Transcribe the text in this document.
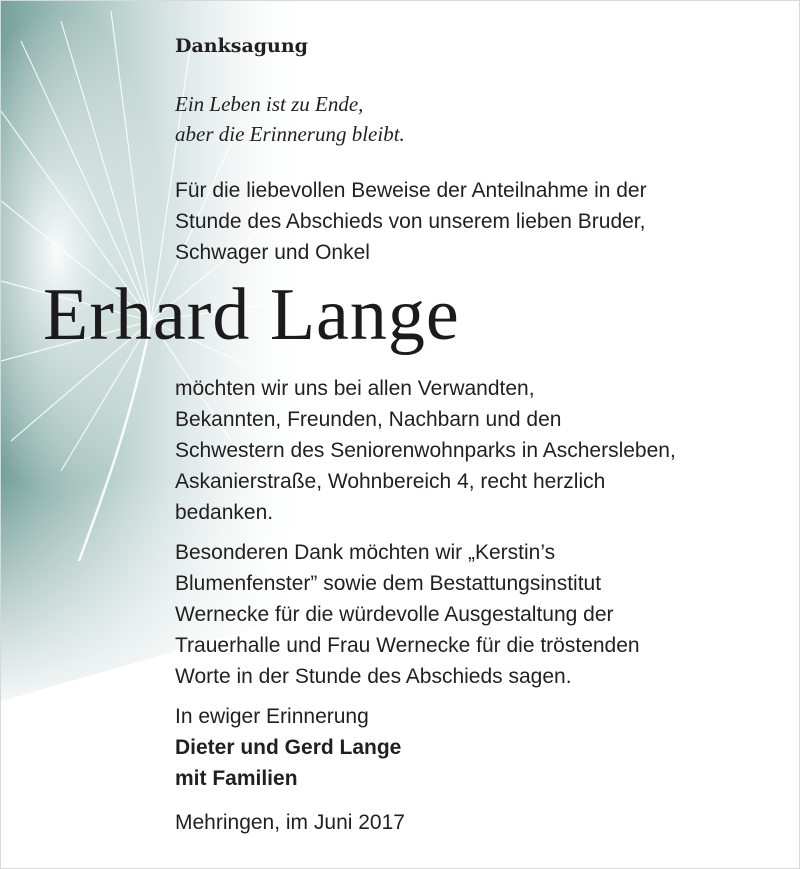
Danksagung
Ein Leben ist zu Ende,
aber die Erinnerung bleibt.
Für die liebevollen Beweise der Anteilnahme in der
Stunde des Abschieds von unserem lieben Bruder,
Schwager und Onkel
Erhard Lange
möchten wir uns bei allen Verwandten,
Bekannten, Freunden, Nachbarn und den
Schwestern des Seniorenwohnparks in Aschersleben,
Askanierstraße, Wohnbereich 4, recht herzlich
bedanken.
Besonderen Dank möchten wir „Kerstin’s
Blumenfenster” sowie dem Bestattungsinstitut
Wernecke für die würdevolle Ausgestaltung der
Trauerhalle und Frau Wernecke für die tröstenden
Worte in der Stunde des Abschieds sagen.
In ewiger Erinnerung
Dieter und Gerd Lange
mit Familien
Mehringen, im Juni 2017
